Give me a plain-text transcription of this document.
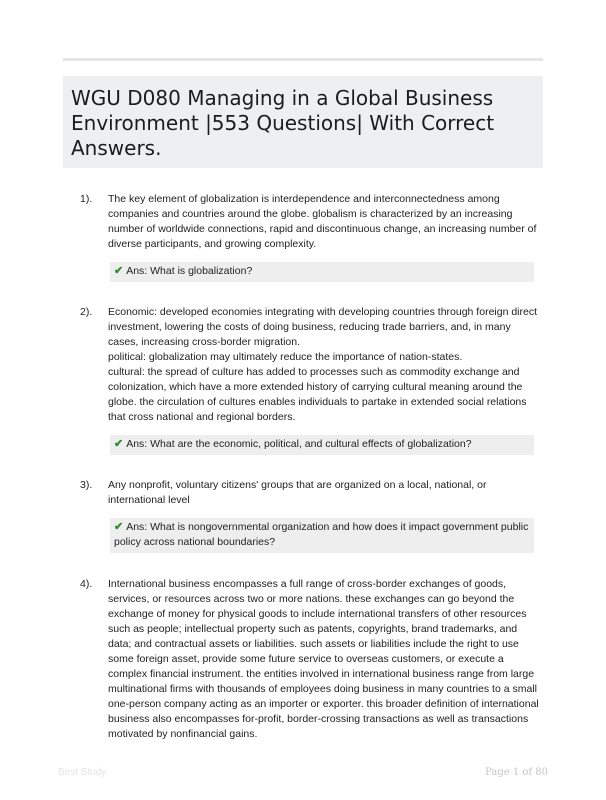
WGU D080 Managing in a Global Business Environment |553 Questions| With Correct Answers.
1). The key element of globalization is interdependence and interconnectedness among companies and countries around the globe. globalism is characterized by an increasing number of worldwide connections, rapid and discontinuous change, an increasing number of diverse participants, and growing complexity.
✔ Ans: What is globalization?
2). Economic: developed economies integrating with developing countries through foreign direct investment, lowering the costs of doing business, reducing trade barriers, and, in many cases, increasing cross-border migration.
political: globalization may ultimately reduce the importance of nation-states.
cultural: the spread of culture has added to processes such as commodity exchange and colonization, which have a more extended history of carrying cultural meaning around the globe. the circulation of cultures enables individuals to partake in extended social relations that cross national and regional borders.
✔ Ans: What are the economic, political, and cultural effects of globalization?
3). Any nonprofit, voluntary citizens' groups that are organized on a local, national, or international level
✔ Ans: What is nongovernmental organization and how does it impact government public policy across national boundaries?
4). International business encompasses a full range of cross-border exchanges of goods, services, or resources across two or more nations. these exchanges can go beyond the exchange of money for physical goods to include international transfers of other resources such as people; intellectual property such as patents, copyrights, brand trademarks, and data; and contractual assets or liabilities. such assets or liabilities include the right to use some foreign asset, provide some future service to overseas customers, or execute a complex financial instrument. the entities involved in international business range from large multinational firms with thousands of employees doing business in many countries to a small one-person company acting as an importer or exporter. this broader definition of international business also encompasses for-profit, border-crossing transactions as well as transactions motivated by nonfinancial gains.
Best Study	Page 1 of 80
